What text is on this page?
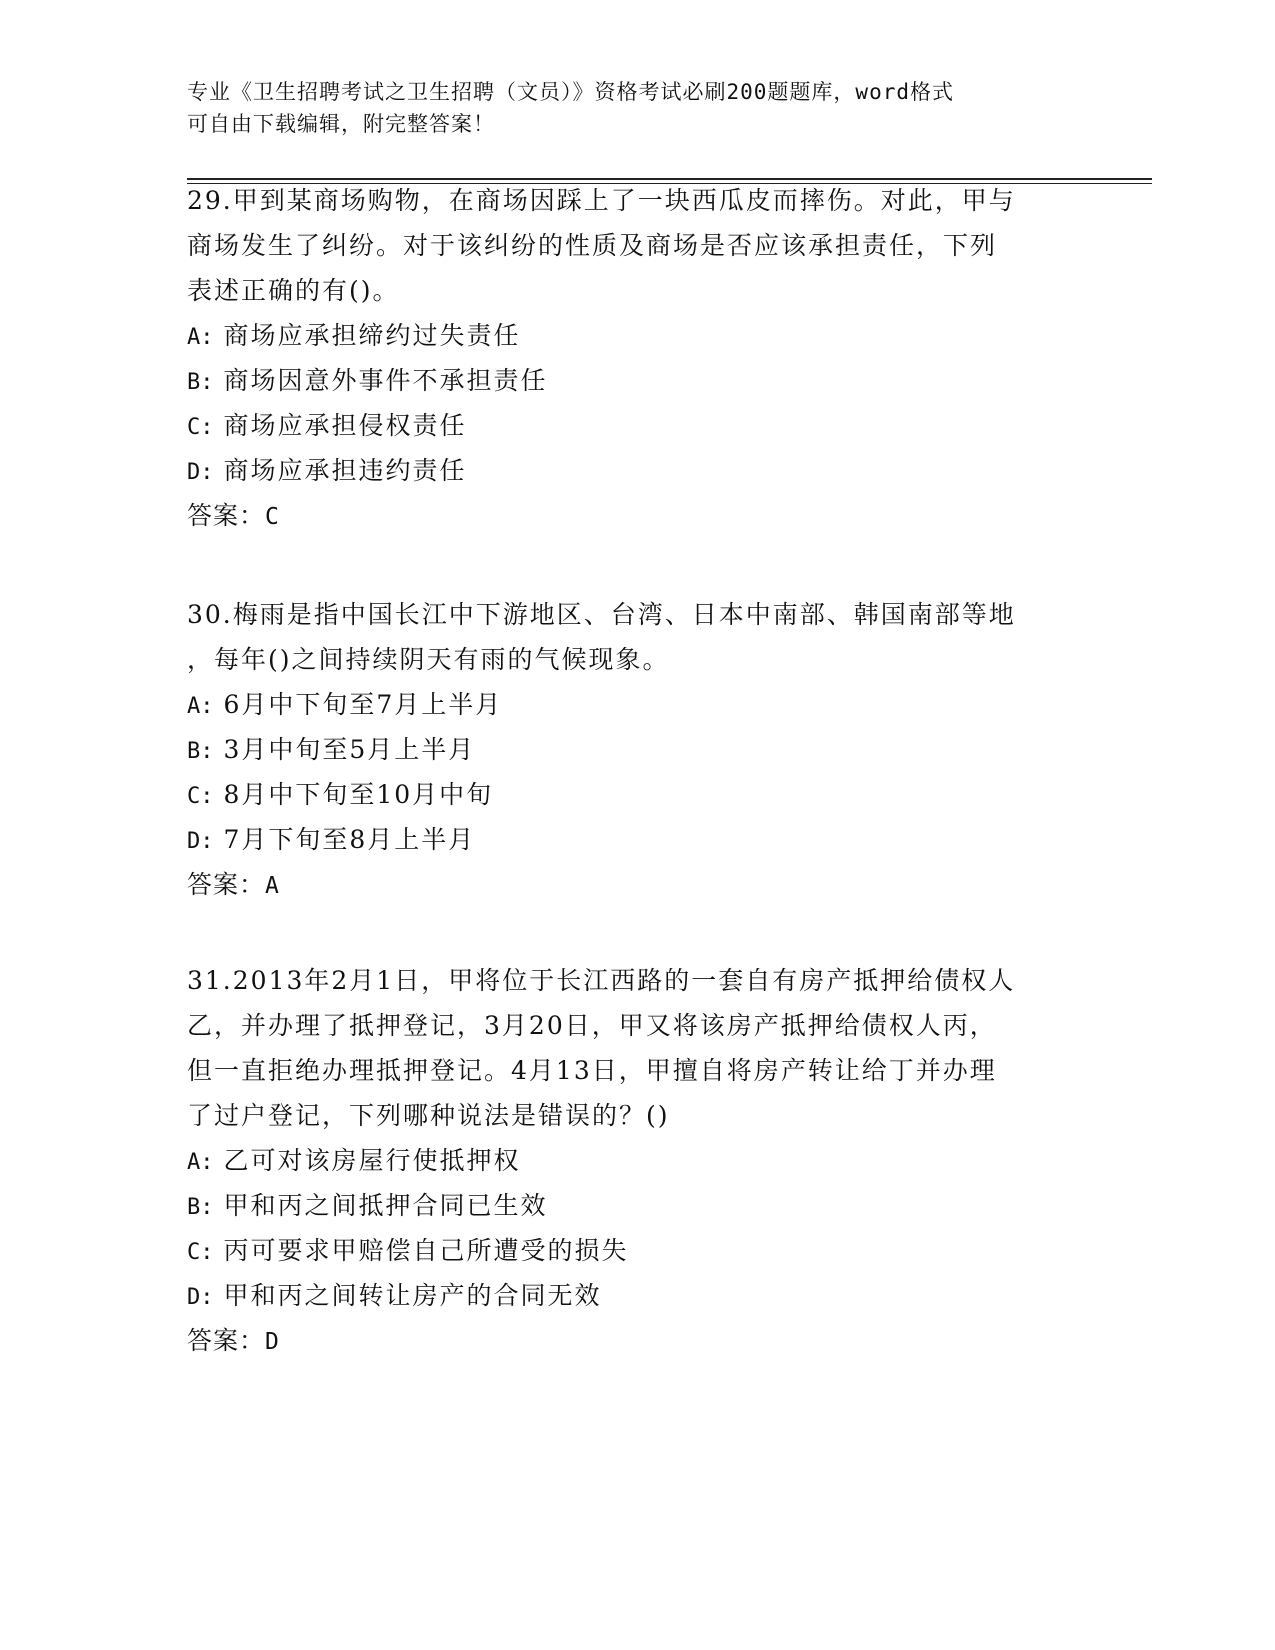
专业《卫生招聘考试之卫生招聘（文员）》资格考试必刷200题题库，word格式
可自由下载编辑，附完整答案！
29.甲到某商场购物，在商场因踩上了一块西瓜皮而摔伤。对此，甲与
商场发生了纠纷。对于该纠纷的性质及商场是否应该承担责任，下列
表述正确的有()。
A: 商场应承担缔约过失责任
B: 商场因意外事件不承担责任
C: 商场应承担侵权责任
D: 商场应承担违约责任
答案：C
30.梅雨是指中国长江中下游地区、台湾、日本中南部、韩国南部等地
，每年()之间持续阴天有雨的气候现象。
A: 6月中下旬至7月上半月
B: 3月中旬至5月上半月
C: 8月中下旬至10月中旬
D: 7月下旬至8月上半月
答案：A
31.2013年2月1日，甲将位于长江西路的一套自有房产抵押给债权人
乙，并办理了抵押登记，3月20日，甲又将该房产抵押给债权人丙，
但一直拒绝办理抵押登记。4月13日，甲擅自将房产转让给丁并办理
了过户登记，下列哪种说法是错误的？()
A: 乙可对该房屋行使抵押权
B: 甲和丙之间抵押合同已生效
C: 丙可要求甲赔偿自己所遭受的损失
D: 甲和丙之间转让房产的合同无效
答案：D
